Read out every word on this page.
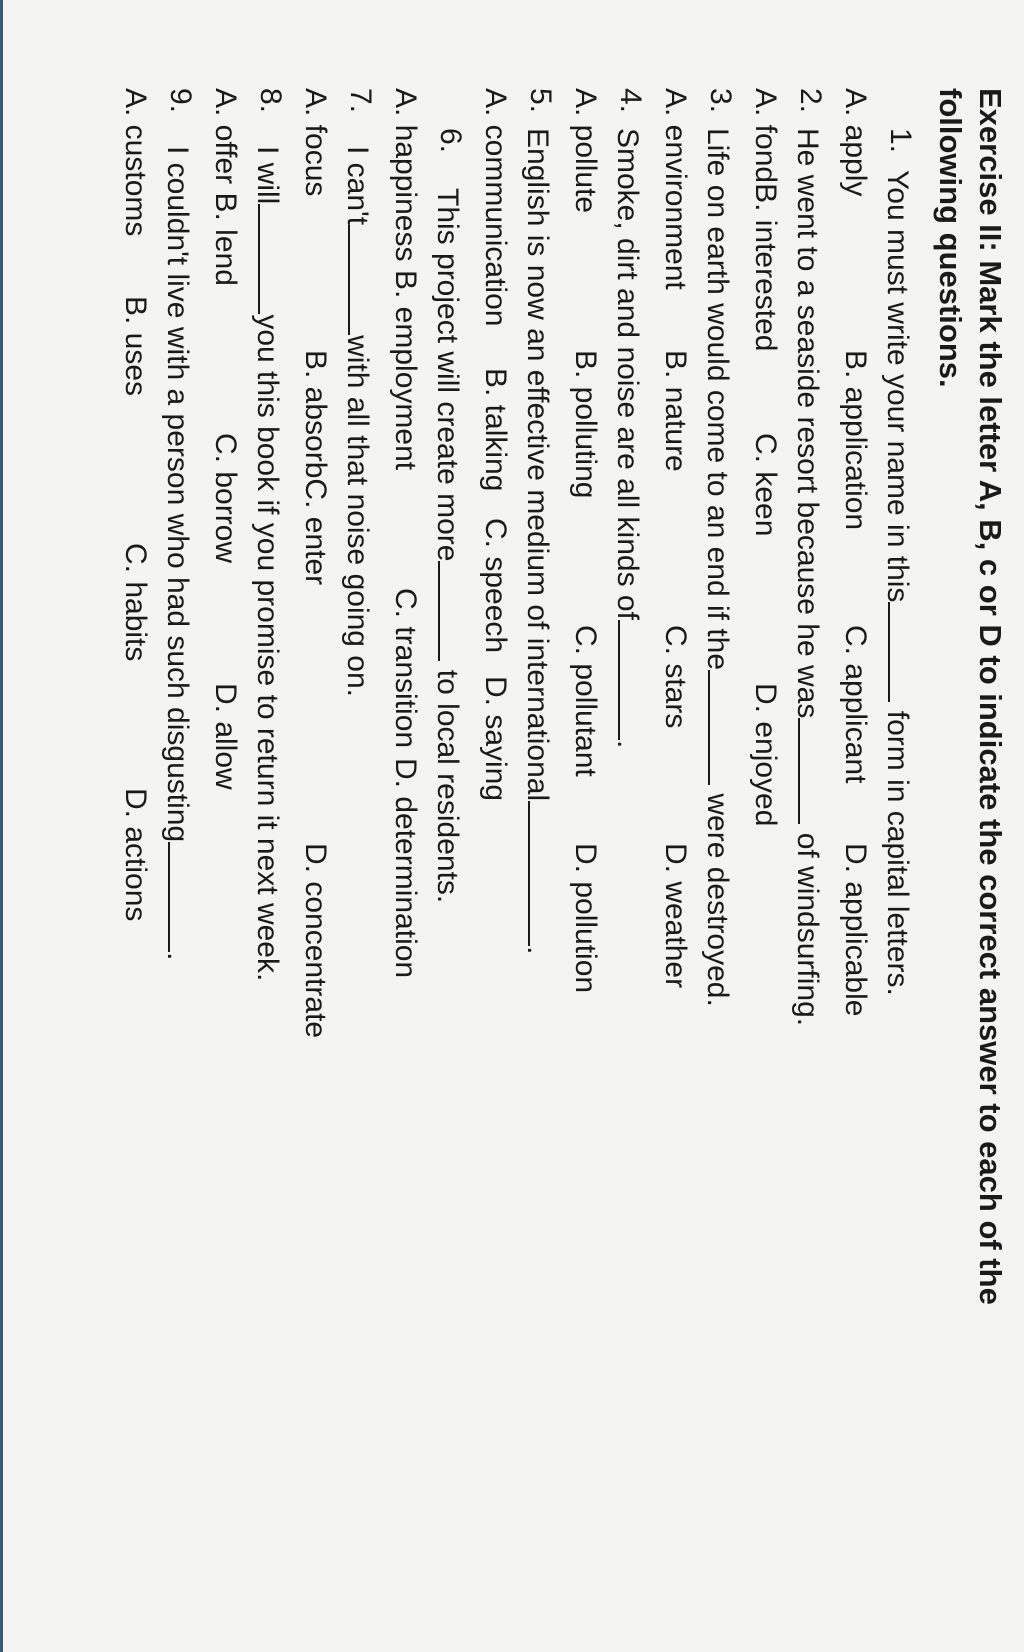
Exercise II: Mark the letter A, B, c or D to indicate the correct answer to each of the
following questions.
1.
You must write your name in this form in capital letters.
A. apply
B. application
C. applicant
D. applicable
2.
He went to a seaside resort because he was of windsurfing.
A. fondB. interested
C. keen
D. enjoyed
3.
Life on earth would come to an end if the were destroyed.
A. environment
B. nature
C. stars
D. weather
4.
Smoke, dirt and noise are all kinds of.
A. pollute
B. polluting
C. pollutant
D. pollution
5.
English is now an effective medium of international.
A. communication
B. talking
C. speech
D. saying
6.
This project will create more to local residents.
A. happiness
B. employment
C. transition
D. determination
7.
I can'twith all that noise going on.
A. focus
B. absorbC. enter
D. concentrate
8.
I willyou this book if you promise to return it next week.
A. offer B. lend
C. borrow
D. allow
9.
I couldn't live with a person who had such disgusting.
A. customs
B. uses
C. habits
D. actions
